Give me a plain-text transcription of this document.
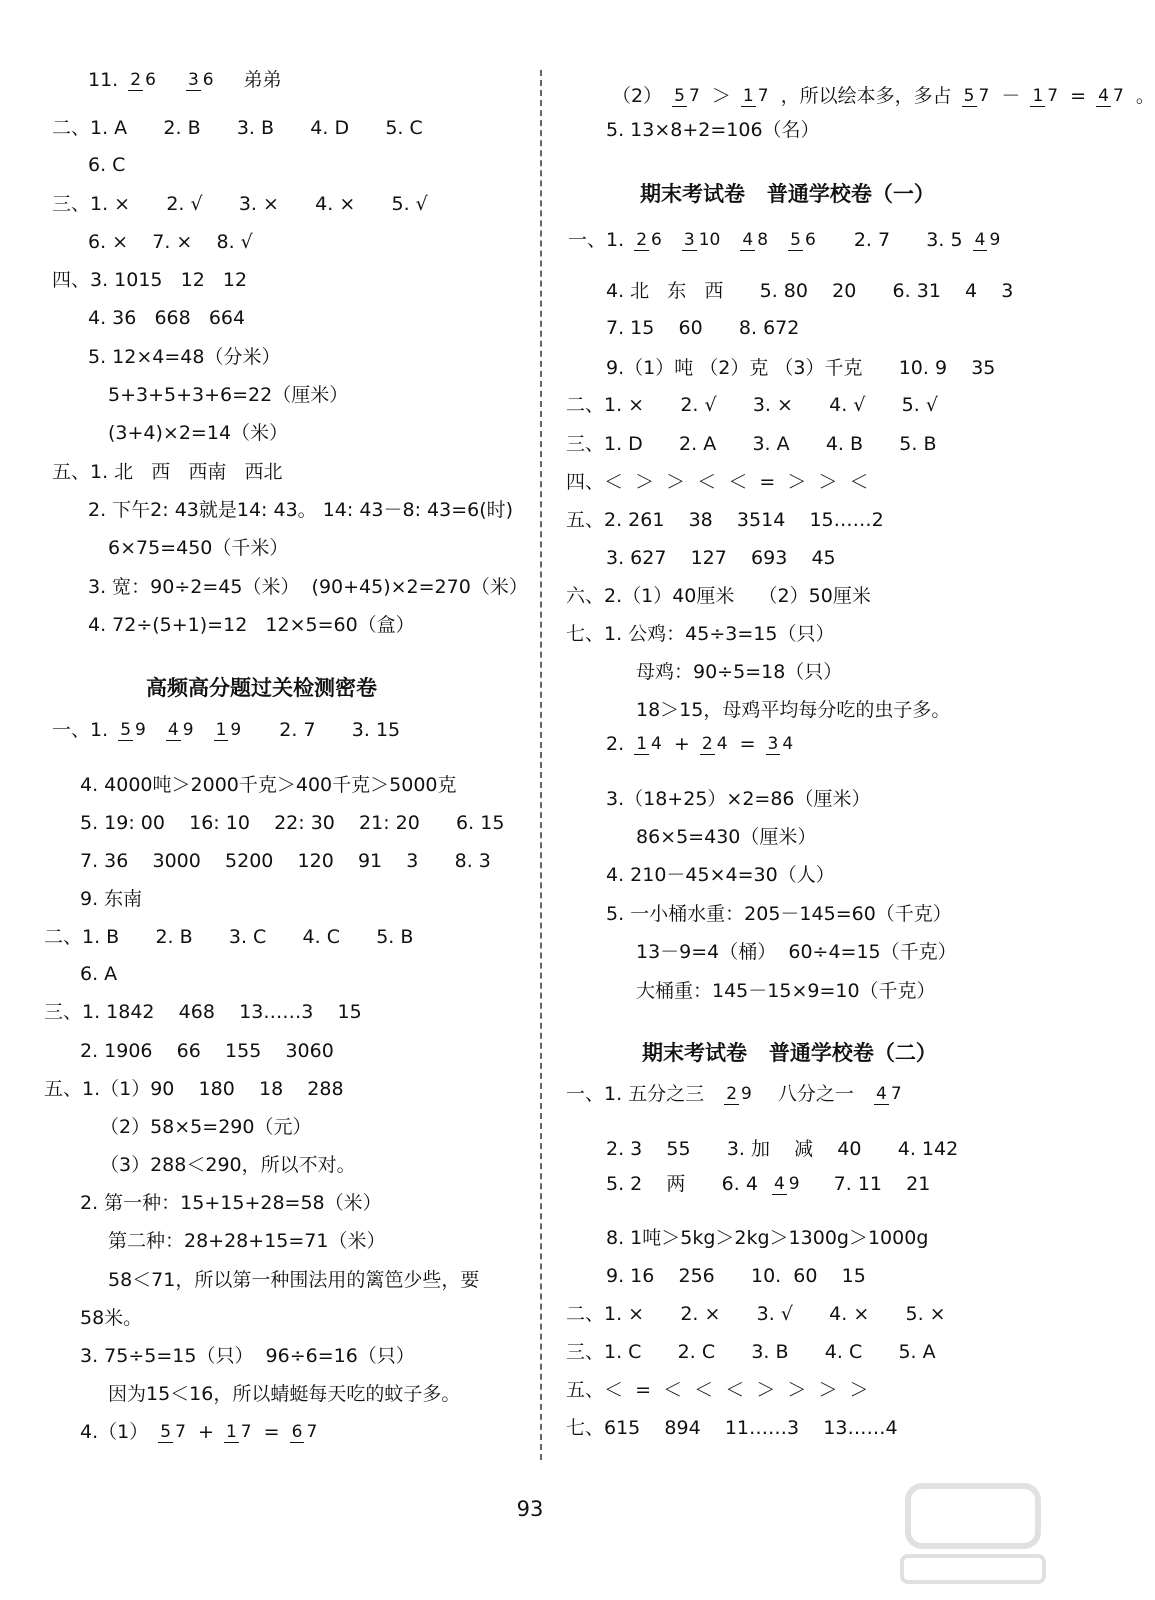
11. 2 6 3 6 弟弟
二、1. A      2. B      3. B      4. D      5. C
6. C
三、1. ×      2. √      3. ×      4. ×      5. √
6. ×    7. ×    8. √
四、3. 1015   12   12
4. 36   668   664
5. 12×4=48（分米）
5+3+5+3+6=22（厘米）
(3+4)×2=14（米）
五、1. 北   西   西南   西北
2. 下午2: 43就是14: 43。 14: 43－8: 43=6(时)
6×75=450（千米）
3. 宽：90÷2=45（米）  (90+45)×2=270（米）
4. 72÷(5+1)=12   12×5=60（盒）
高频高分题过关检测密卷
一、1. 5 9 4 9 1 9 2. 7      3. 15
4. 4000吨＞2000千克＞400千克＞5000克
5. 19: 00    16: 10    22: 30    21: 20      6. 15
7. 36    3000    5200    120    91    3      8. 3
9. 东南
二、1. B      2. B      3. C      4. C      5. B
6. A
三、1. 1842    468    13……3    15
2. 1906    66    155    3060
五、1.（1）90    180    18    288
（2）58×5=290（元）
（3）288＜290，所以不对。
2. 第一种：15+15+28=58（米）
第二种：28+28+15=71（米）
58＜71，所以第一种围法用的篱笆少些，要
58米。
3. 75÷5=15（只）  96÷6=16（只）
因为15＜16，所以蜻蜓每天吃的蚊子多。
4.（1） 5 7 + 1 7 = 6 7
（2） 5 7 ＞ 1 7 ，所以绘本多，多占 5 7 － 1 7 = 4 7 。
5. 13×8+2=106（名）
期末考试卷   普通学校卷（一）
一、1. 2 6 3 10 4 8 5 6 2. 7      3. 5 4 9
4. 北   东   西      5. 80    20      6. 31    4    3
7. 15    60      8. 672
9.（1）吨 （2）克 （3）千克      10. 9    35
二、1. ×      2. √      3. ×      4. √      5. √
三、1. D      2. A      3. A      4. B      5. B
四、＜  ＞  ＞  ＜  ＜  =  ＞  ＞  ＜
五、2. 261    38    3514    15……2
3. 627    127    693    45
六、2.（1）40厘米    （2）50厘米
七、1. 公鸡：45÷3=15（只）
母鸡：90÷5=18（只）
18＞15，母鸡平均每分吃的虫子多。
2. 1 4 + 2 4 = 3 4
3.（18+25）×2=86（厘米）
86×5=430（厘米）
4. 210－45×4=30（人）
5. 一小桶水重：205－145=60（千克）
13－9=4（桶）  60÷4=15（千克）
大桶重：145－15×9=10（千克）
期末考试卷   普通学校卷（二）
一、1. 五分之三 2 9 八分之一 4 7
2. 3    55      3. 加    减    40      4. 142
5. 2    两      6. 4 4 9 7. 11    21
8. 1吨＞5kg＞2kg＞1300g＞1000g
9. 16    256      10.  60    15
二、1. ×      2. ×      3. √      4. ×      5. ×
三、1. C      2. C      3. B      4. C      5. A
五、＜  =  ＜  ＜  ＜  ＞  ＞  ＞  ＞
七、615    894    11……3    13……4
93
